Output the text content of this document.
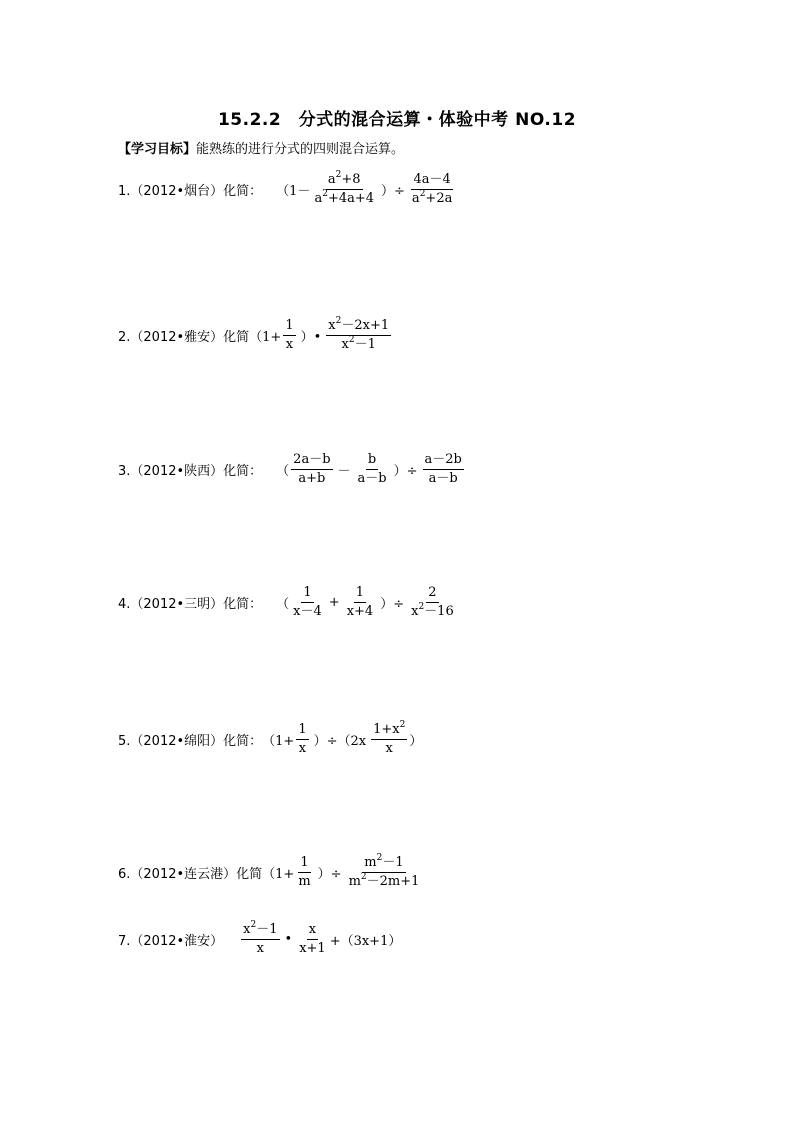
15.2.2　分式的混合运算・体验中考 NO.12
【学习目标】能熟练的进行分式的四则混合运算。
1.（2012•烟台）化简： （$1- \frac{a^2+8}{a^2+4a+4}$ ）÷ $\frac{4a-4}{a^2+2a}$
2.（2012•雅安）化简 （$1+ \frac{1}{x}$ ）• $\frac{x^2-2x+1}{x^2-1}$
3.（2012•陕西）化简： （ $\frac{2a-b}{a+b} - \frac{b}{a-b}$ ）÷ $\frac{a-2b}{a-b}$
4.（2012•三明）化简： （ $\frac{1}{x-4} + \frac{1}{x+4}$ ）÷ $\frac{2}{x^2-16}$
5.（2012•绵阳）化简： $(1+ \frac{1}{x} )\div(2x \frac{1+x^2}{x}$ ）
6.（2012•连云港）化简 （$1+ \frac{1}{m}$ ）÷ $\frac{m^2-1}{m^2-2m+1}$
7.（2012•淮安） $\frac{x^2-1}{x}$ • $\frac{x}{x+1} +(3x+1)$
